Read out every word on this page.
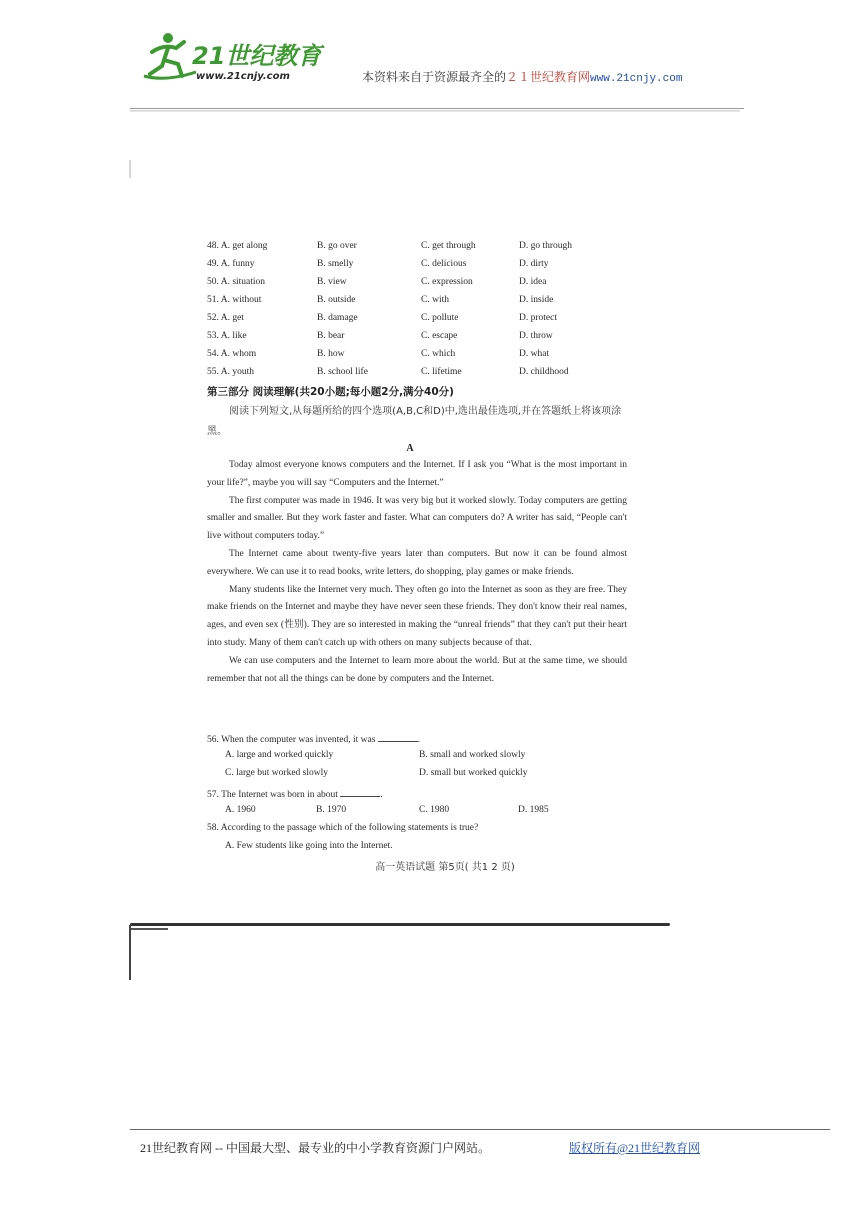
21世纪教育
www.21cnjy.com	本资料来自于资源最齐全的２１世纪教育网www.21cnjy.com
48. A. get along	B. go over	C. get through	D. go through
49. A. funny	B. smelly	C. delicious	D. dirty
50. A. situation	B. view	C. expression	D. idea
51. A. without	B. outside	C. with	D. inside
52. A. get	B. damage	C. pollute	D. protect
53. A. like	B. bear	C. escape	D. throw
54. A. whom	B. how	C. which	D. what
55. A. youth	B. school life	C. lifetime	D. childhood
第三部分 阅读理解(共20小题;每小题2分,满分40分)
阅读下列短文,从每题所给的四个选项(A,B,C和D)中,选出最佳选项,并在答题纸上将该项涂黑。
A

Today almost everyone knows computers and the Internet. If I ask you “What is the most important in your life?”, maybe you will say “Computers and the Internet.”

The first computer was made in 1946. It was very big but it worked slowly. Today computers are getting smaller and smaller. But they work faster and faster. What can computers do? A writer has said, “People can't live without computers today.”

The Internet came about twenty-five years later than computers. But now it can be found almost everywhere. We can use it to read books, write letters, do shopping, play games or make friends.

Many students like the Internet very much. They often go into the Internet as soon as they are free. They make friends on the Internet and maybe they have never seen these friends. They don't know their real names, ages, and even sex (性别). They are so interested in making the “unreal friends” that they can't put their heart into study. Many of them can't catch up with others on many subjects because of that.

We can use computers and the Internet to learn more about the world. But at the same time, we should remember that not all the things can be done by computers and the Internet.

56. When the computer was invented, it was	.
A. large and worked quickly	B. small and worked slowly
C. large but worked slowly	D. small but worked quickly
57. The Internet was born in about	.
A. 1960	B. 1970	C. 1980	D. 1985
58. According to the passage which of the following statements is true?
A. Few students like going into the Internet.
高一英语试题 第5页( 共1 2 页)
21世纪教育网 -- 中国最大型、最专业的中小学教育资源门户网站。	版权所有@21世纪教育网
